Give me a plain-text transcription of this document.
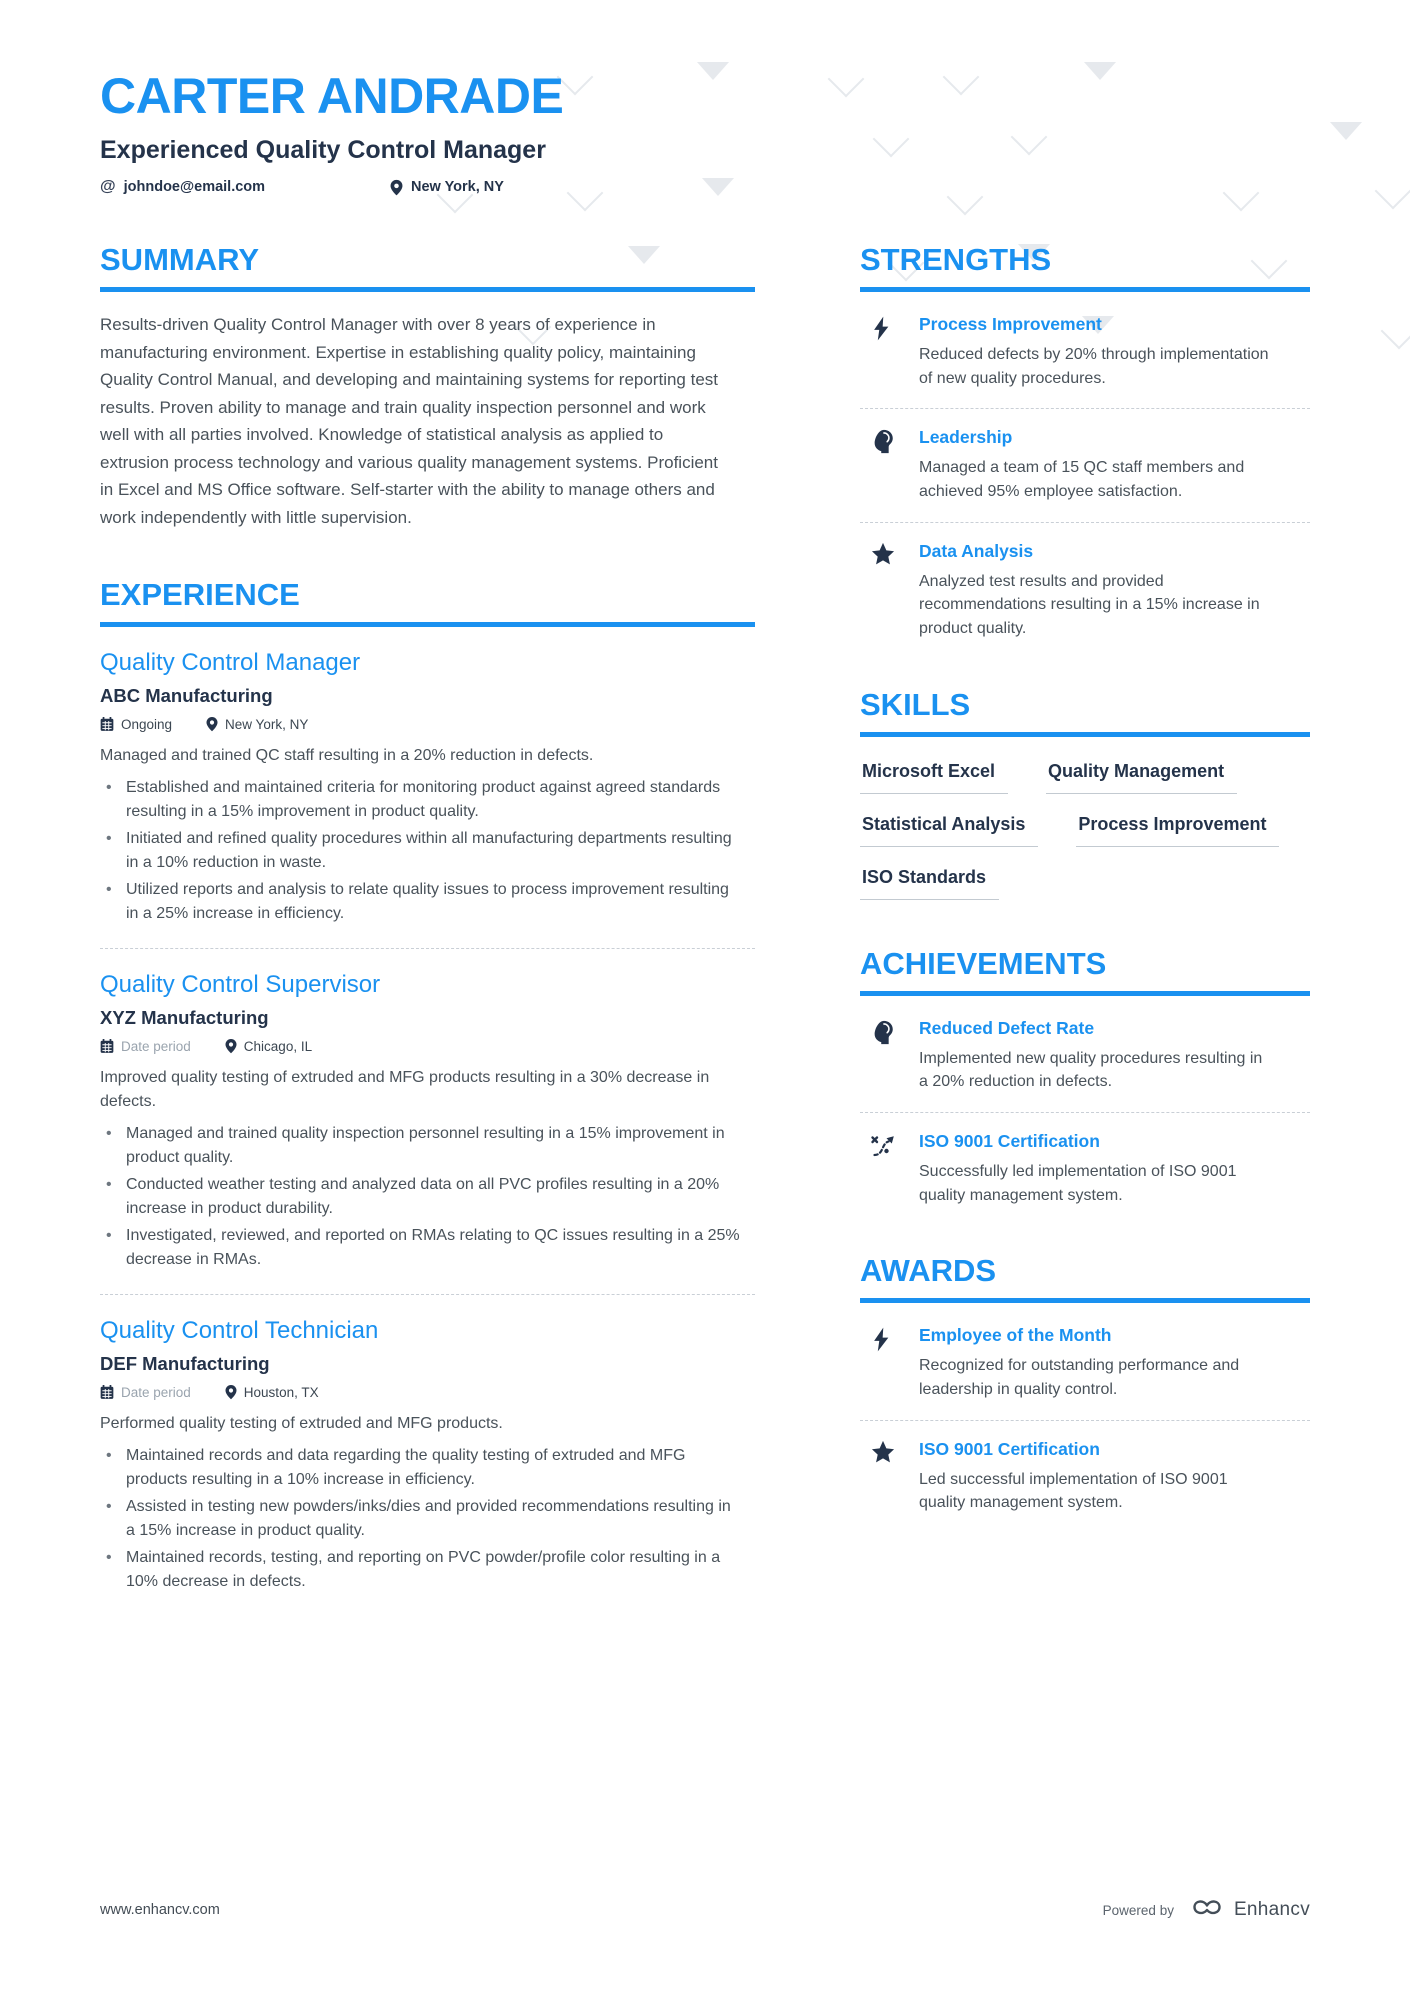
CARTER ANDRADE
Experienced Quality Control Manager
@ johndoe@email.com	New York, NY
SUMMARY

Results-driven Quality Control Manager with over 8 years of experience in manufacturing environment. Expertise in establishing quality policy, maintaining Quality Control Manual, and developing and maintaining systems for reporting test results. Proven ability to manage and train quality inspection personnel and work well with all parties involved. Knowledge of statistical analysis as applied to extrusion process technology and various quality management systems. Proficient in Excel and MS Office software. Self-starter with the ability to manage others and work independently with little supervision.

EXPERIENCE
Quality Control Manager
ABC Manufacturing
Ongoing	New York, NY

Managed and trained QC staff resulting in a 20% reduction in defects.

• Established and maintained criteria for monitoring product against agreed standards resulting in a 15% improvement in product quality.
• Initiated and refined quality procedures within all manufacturing departments resulting in a 10% reduction in waste.
• Utilized reports and analysis to relate quality issues to process improvement resulting in a 25% increase in efficiency.
Quality Control Supervisor
XYZ Manufacturing
Date period	Chicago, IL

Improved quality testing of extruded and MFG products resulting in a 30% decrease in defects.

• Managed and trained quality inspection personnel resulting in a 15% improvement in product quality.
• Conducted weather testing and analyzed data on all PVC profiles resulting in a 20% increase in product durability.
• Investigated, reviewed, and reported on RMAs relating to QC issues resulting in a 25% decrease in RMAs.
Quality Control Technician
DEF Manufacturing
Date period	Houston, TX

Performed quality testing of extruded and MFG products.

• Maintained records and data regarding the quality testing of extruded and MFG products resulting in a 10% increase in efficiency.
• Assisted in testing new powders/inks/dies and provided recommendations resulting in a 15% increase in product quality.
• Maintained records, testing, and reporting on PVC powder/profile color resulting in a 10% decrease in defects.
STRENGTHS
Process Improvement
Reduced defects by 20% through implementation of new quality procedures.
Leadership
Managed a team of 15 QC staff members and achieved 95% employee satisfaction.
Data Analysis
Analyzed test results and provided recommendations resulting in a 15% increase in product quality.
SKILLS
Microsoft Excel	Quality Management
Statistical Analysis	Process Improvement
ISO Standards
ACHIEVEMENTS
Reduced Defect Rate
Implemented new quality procedures resulting in a 20% reduction in defects.
ISO 9001 Certification
Successfully led implementation of ISO 9001 quality management system.
AWARDS
Employee of the Month
Recognized for outstanding performance and leadership in quality control.
ISO 9001 Certification
Led successful implementation of ISO 9001 quality management system.
www.enhancv.com	Powered by	Enhancv
